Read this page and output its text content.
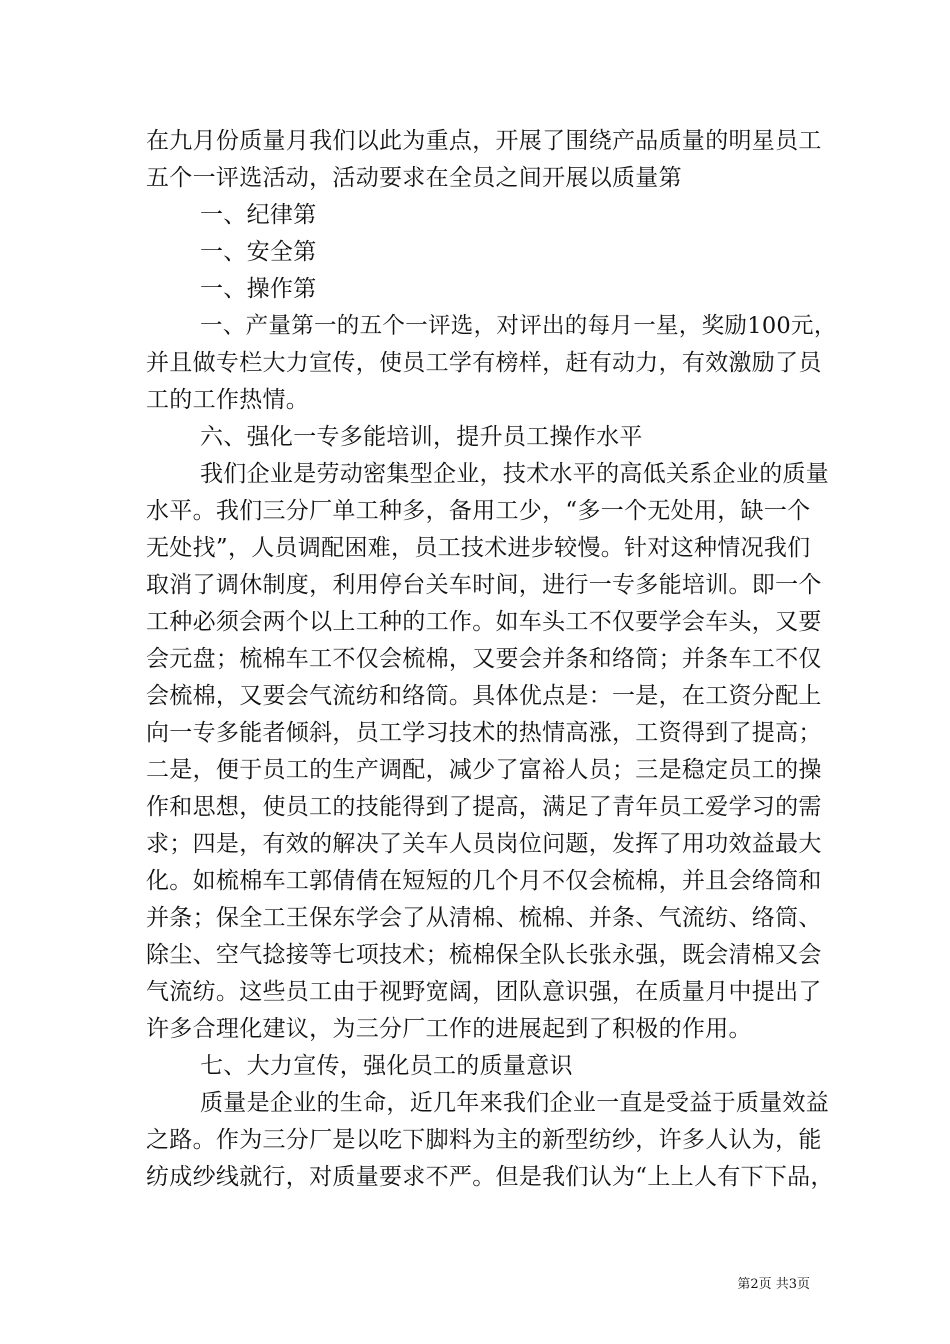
在九月份质量月我们以此为重点，开展了围绕产品质量的明星员工
五个一评选活动，活动要求在全员之间开展以质量第
一、纪律第
一、安全第
一、操作第
一、产量第一的五个一评选，对评出的每月一星，奖励100元，
并且做专栏大力宣传，使员工学有榜样，赶有动力，有效激励了员
工的工作热情。
六、强化一专多能培训，提升员工操作水平
我们企业是劳动密集型企业，技术水平的高低关系企业的质量
水平。我们三分厂单工种多，备用工少，“多一个无处用，缺一个
无处找”，人员调配困难，员工技术进步较慢。针对这种情况我们
取消了调休制度，利用停台关车时间，进行一专多能培训。即一个
工种必须会两个以上工种的工作。如车头工不仅要学会车头，又要
会元盘；梳棉车工不仅会梳棉，又要会并条和络筒；并条车工不仅
会梳棉，又要会气流纺和络筒。具体优点是：一是，在工资分配上
向一专多能者倾斜，员工学习技术的热情高涨，工资得到了提高；
二是，便于员工的生产调配，减少了富裕人员；三是稳定员工的操
作和思想，使员工的技能得到了提高，满足了青年员工爱学习的需
求；四是，有效的解决了关车人员岗位问题，发挥了用功效益最大
化。如梳棉车工郭倩倩在短短的几个月不仅会梳棉，并且会络筒和
并条；保全工王保东学会了从清棉、梳棉、并条、气流纺、络筒、
除尘、空气捻接等七项技术；梳棉保全队长张永强，既会清棉又会
气流纺。这些员工由于视野宽阔，团队意识强，在质量月中提出了
许多合理化建议，为三分厂工作的进展起到了积极的作用。
七、大力宣传，强化员工的质量意识
质量是企业的生命，近几年来我们企业一直是受益于质量效益
之路。作为三分厂是以吃下脚料为主的新型纺纱，许多人认为，能
纺成纱线就行，对质量要求不严。但是我们认为“上上人有下下品，
第2页 共3页
